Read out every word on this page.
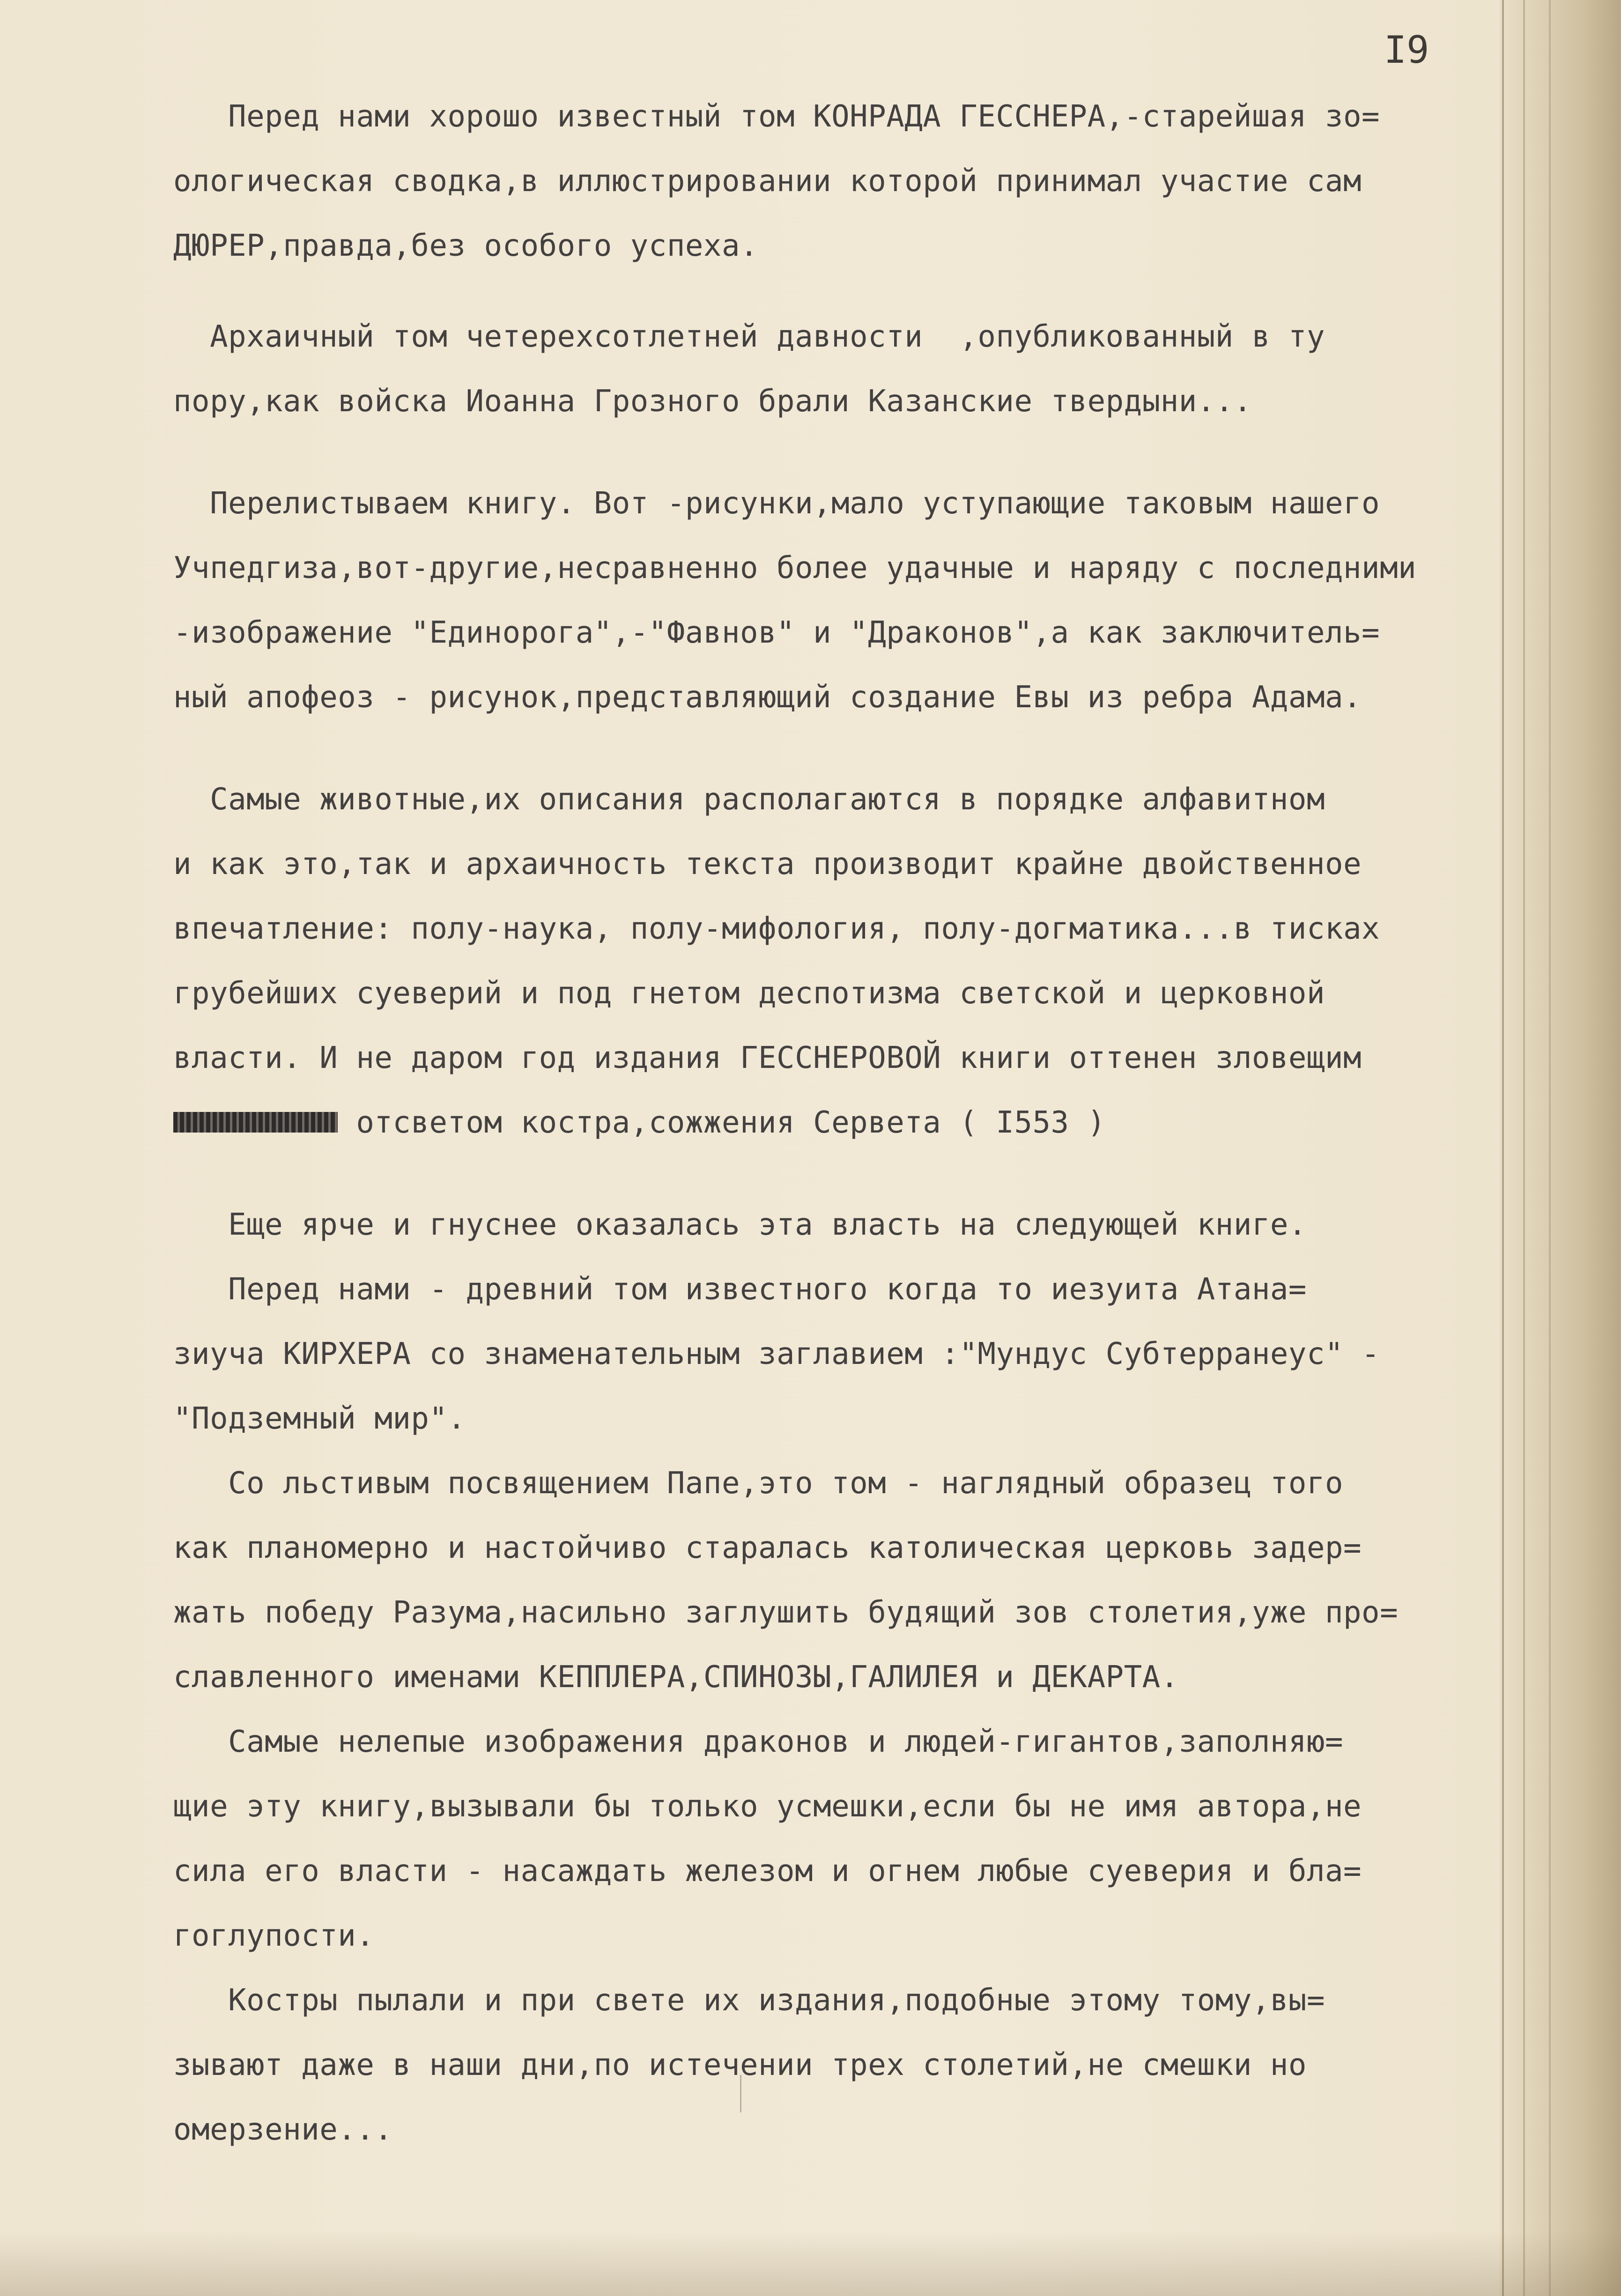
I9
Перед нами хорошо известный том КОНРАДА ГЕССНЕРА,-старейшая зо=
ологическая сводка,в иллюстрировании которой принимал участие сам
ДЮРЕР,правда,без особого успеха.
Архаичный том четерехсотлетней давности  ,опубликованный в ту
пору,как войска Иоанна Грозного брали Казанские твердыни...
Перелистываем книгу. Вот -рисунки,мало уступающие таковым нашего
Учпедгиза,вот-другие,несравненно более удачные и наряду с последними
-изображение "Единорога",-"Фавнов" и "Драконов",а как заключитель=
ный апофеоз - рисунок,представляющий создание Евы из ребра Адама.
Самые животные,их описания располагаются в порядке алфавитном
и как это,так и архаичность текста производит крайне двойственное
впечатление: полу-наука, полу-мифология, полу-догматика...в тисках
грубейших суеверий и под гнетом деспотизма светской и церковной
власти. И не даром год издания ГЕССНЕРОВОЙ книги оттенен зловещим
отсветом костра,сожжения Сервета ( I553 )
Еще ярче и гнуснее оказалась эта власть на следующей книге.
Перед нами - древний том известного когда то иезуита Атана=
зиуча КИРХЕРА со знаменательным заглавием :"Мундус Субтерранеус" -
"Подземный мир".
Со льстивым посвящением Папе,это том - наглядный образец того
как планомерно и настойчиво старалась католическая церковь задер=
жать победу Разума,насильно заглушить будящий зов столетия,уже про=
славленного именами КЕППЛЕРА,СПИНОЗЫ,ГАЛИЛЕЯ и ДЕКАРТА.
Самые нелепые изображения драконов и людей-гигантов,заполняю=
щие эту книгу,вызывали бы только усмешки,если бы не имя автора,не
сила его власти - насаждать железом и огнем любые суеверия и бла=
гоглупости.
Костры пылали и при свете их издания,подобные этому тому,вы=
зывают даже в наши дни,по истечении трех столетий,не смешки но
омерзение...
